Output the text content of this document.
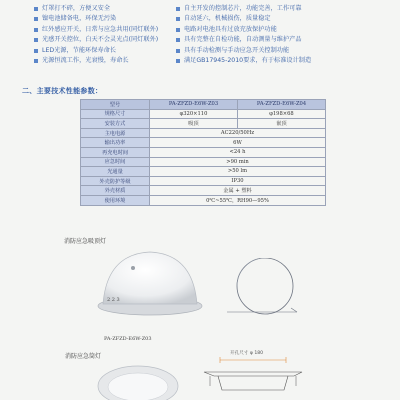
灯罩打不碎，方便又安全
镍电池储备电，环保无污染
红外感应开关，日常与应急共用(同灯联外)
光感开关控位，白天不会灵光点(同灯联外)
LED光源，节能环保寿命长
光源恒流工作，光衰慢，寿命长
自主开发的控制芯片，功能完善，工作可靠
自动延六，机械损伤，质量稳定
电路对电池具有过放充放保护功能
具有完整在自检功能，自动测量与维护产品
具有手动检测与手动应急开关控制功能
满足GB17945-2010要求，有于标准设计制造
二、主要技术性能参数：
型号	PA-ZFZD-E6W-Z03	PA-ZFZD-E6W-Z04
规格尺寸	φ320×110	φ198×68
安装方式	吸顶	嵌顶
主电电源	AC220/50Hz	
输出功率	6W	
再充电时间	<24 h	
应急时间	>90 min	
光通量	>50 lm	
外壳防护等级	IP30	
外壳材质	金属 + 塑料	
使用环境	0℃~55℃，RH90—95%	
消防应急吸顶灯
2 2 3
PA-ZFZD-E6W-Z03
消防应急筒灯	开孔尺寸 φ 180
